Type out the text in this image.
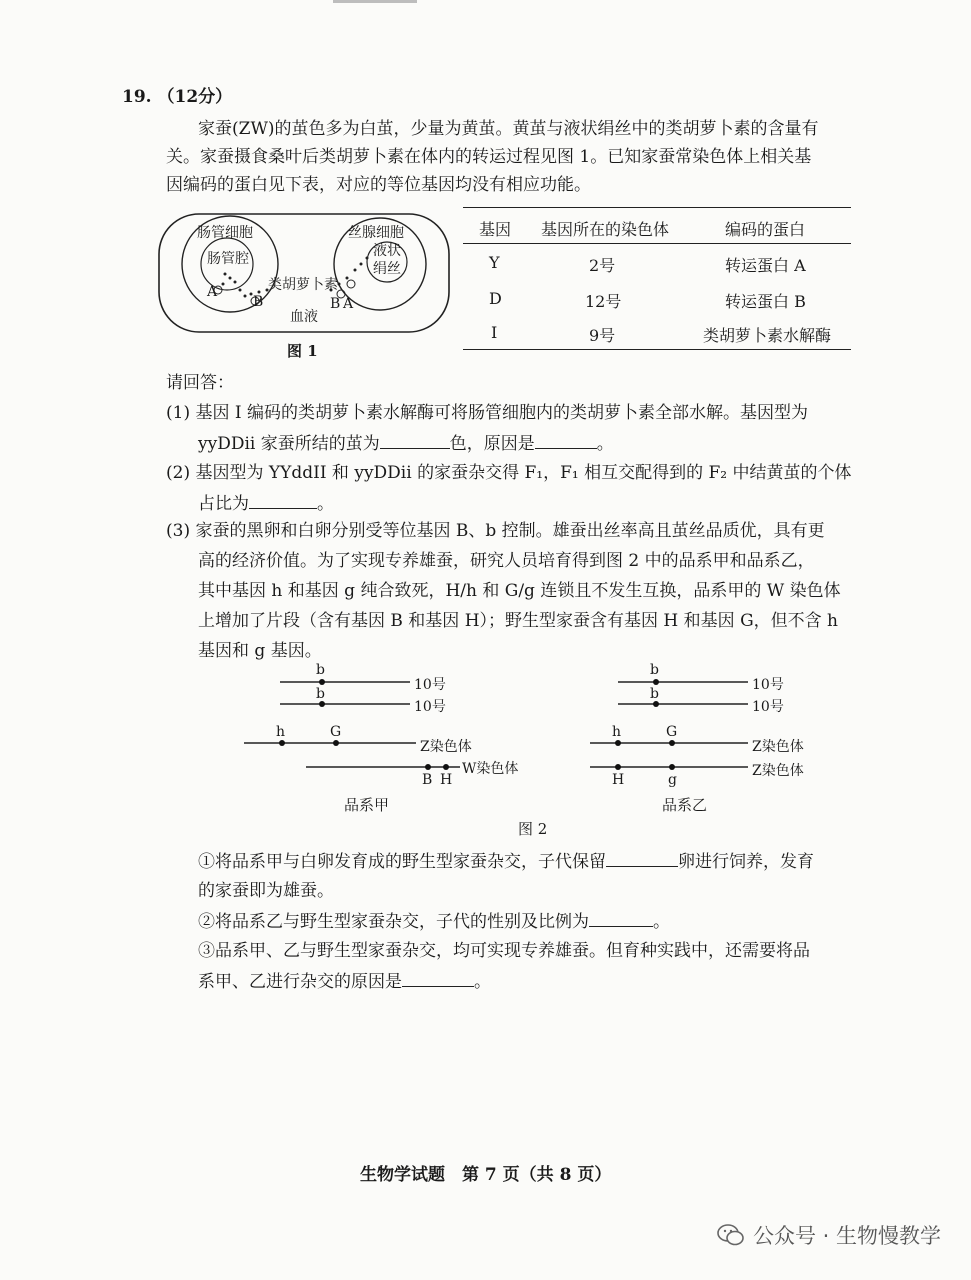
19. （12分）
家蚕(ZW)的茧色多为白茧，少量为黄茧。黄茧与液状绢丝中的类胡萝卜素的含量有
关。家蚕摄食桑叶后类胡萝卜素在体内的转运过程见图 1。已知家蚕常染色体上相关基
因编码的蛋白见下表，对应的等位基因均没有相应功能。
肠管细胞
肠管腔
丝腺细胞
液状
绢丝
类胡萝卜素
血液
A
B	B A
图 1
基因 基因所在的染色体	编码的蛋白
Y	2号	转运蛋白 A
D	12号	转运蛋白 B
I	9号	类胡萝卜素水解酶
请回答：
(1) 基因 I 编码的类胡萝卜素水解酶可将肠管细胞内的类胡萝卜素全部水解。基因型为
yyDDii 家蚕所结的茧为	色，原因是	。
(2) 基因型为 YYddII 和 yyDDii 的家蚕杂交得 F₁，F₁ 相互交配得到的 F₂ 中结黄茧的个体
占比为	。
(3) 家蚕的黑卵和白卵分别受等位基因 B、b 控制。雄蚕出丝率高且茧丝品质优，具有更
高的经济价值。为了实现专养雄蚕，研究人员培育得到图 2 中的品系甲和品系乙，
其中基因 h 和基因 g 纯合致死，H/h 和 G/g 连锁且不发生互换，品系甲的 W 染色体
上增加了片段（含有基因 B 和基因 H）；野生型家蚕含有基因 H 和基因 G，但不含 h
基因和 g 基因。
b
b
10号
10号
h	G
Z染色体
W染色体
B H
品系甲
b
b
10号
10号
h	G
Z染色体
Z染色体
H	g
品系乙
图 2
①将品系甲与白卵发育成的野生型家蚕杂交，子代保留	卵进行饲养，发育
的家蚕即为雄蚕。
②将品系乙与野生型家蚕杂交，子代的性别及比例为	。
③品系甲、乙与野生型家蚕杂交，均可实现专养雄蚕。但育种实践中，还需要将品
系甲、乙进行杂交的原因是	。
生物学试题　第 7 页（共 8 页）
公众号 · 生物慢教学
